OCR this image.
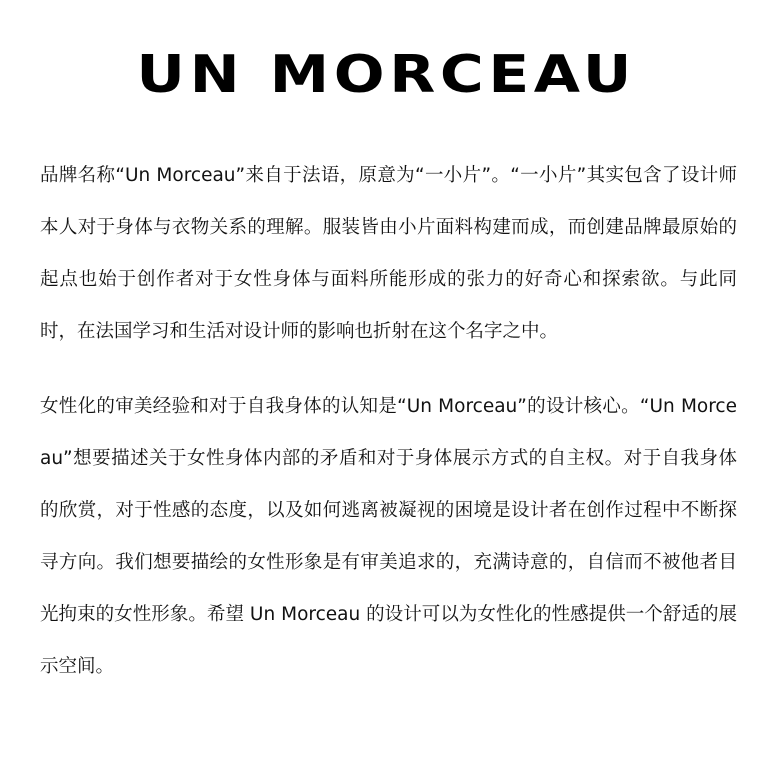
UN MORCEAU

品牌名称“Un Morceau”来自于法语，原意为“一小片”。“一小片”其实包含了设计师本人对于身体与衣物关系的理解。服装皆由小片面料构建而成，而创建品牌最原始的起点也始于创作者对于女性身体与面料所能形成的张力的好奇心和探索欲。与此同时，在法国学习和生活对设计师的影响也折射在这个名字之中。

女性化的审美经验和对于自我身体的认知是“Un Morceau”的设计核心。“Un Morceau”想要描述关于女性身体内部的矛盾和对于身体展示方式的自主权。对于自我身体的欣赏，对于性感的态度，以及如何逃离被凝视的困境是设计者在创作过程中不断探寻方向。我们想要描绘的女性形象是有审美追求的，充满诗意的，自信而不被他者目光拘束的女性形象。希望 Un Morceau 的设计可以为女性化的性感提供一个舒适的展示空间。
